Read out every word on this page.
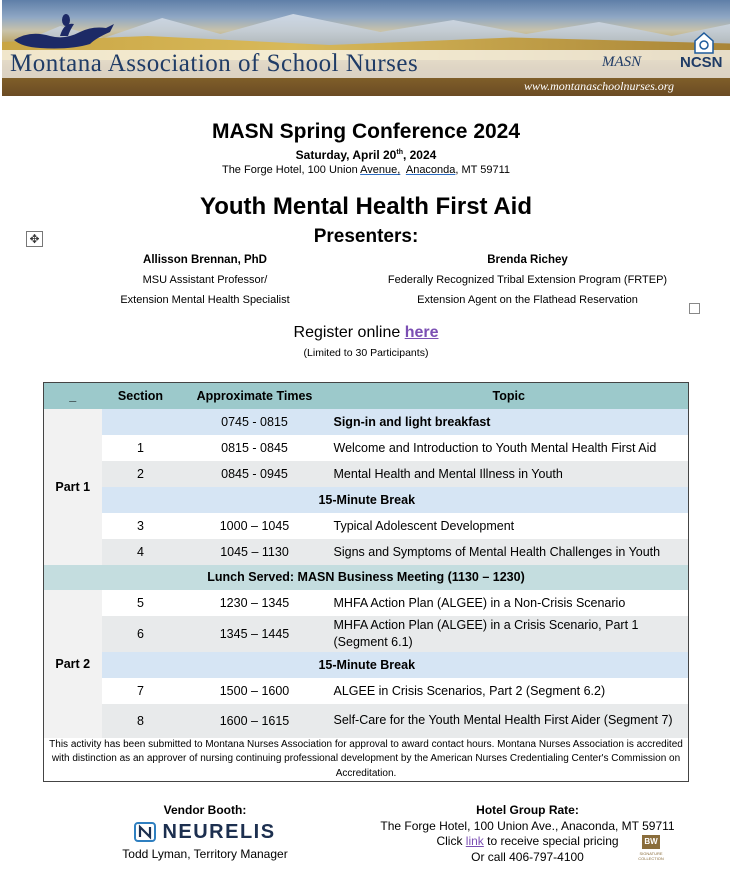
Montana Association of School Nurses	MASN	NCSN
www.montanaschoolnurses.org
MASN Spring Conference 2024
Saturday, April 20th, 2024
The Forge Hotel, 100 Union Avenue, Anaconda, MT 59711
Youth Mental Health First Aid
Presenters:
✥
Allisson Brennan, PhD
MSU Assistant Professor/
Extension Mental Health Specialist
Brenda Richey
Federally Recognized Tribal Extension Program (FRTEP)
Extension Agent on the Flathead Reservation
Register online here
(Limited to 30 Participants)
_	Section	Approximate Times	Topic
Part 1		0745 - 0815	Sign-in and light breakfast
	1	0815 - 0845	Welcome and Introduction to Youth Mental Health First Aid
	2	0845 - 0945	Mental Health and Mental Illness in Youth
	15-Minute Break		
	3	1000 – 1045	Typical Adolescent Development
	4	1045 – 1130	Signs and Symptoms of Mental Health Challenges in Youth
Lunch Served: MASN Business Meeting (1130 – 1230)			
Part 2	5	1230 – 1345	MHFA Action Plan (ALGEE) in a Non-Crisis Scenario
	6	1345 – 1445	MHFA Action Plan (ALGEE) in a Crisis Scenario, Part 1 (Segment 6.1)
	15-Minute Break		
	7	1500 – 1600	ALGEE in Crisis Scenarios, Part 2 (Segment 6.2)
	8	1600 – 1615	Self-Care for the Youth Mental Health First Aider (Segment 7)
This activity has been submitted to Montana Nurses Association for approval to award contact hours. Montana Nurses Association is accredited with distinction as an approver of nursing continuing professional development by the American Nurses Credentialing Center's Commission on Accreditation.			
Vendor Booth:
NEURELIS
Todd Lyman, Territory Manager
Hotel Group Rate:
The Forge Hotel, 100 Union Ave., Anaconda, MT 59711
Click link to receive special pricing
Or call 406-797-4100
BW
SIGNATURE COLLECTION
